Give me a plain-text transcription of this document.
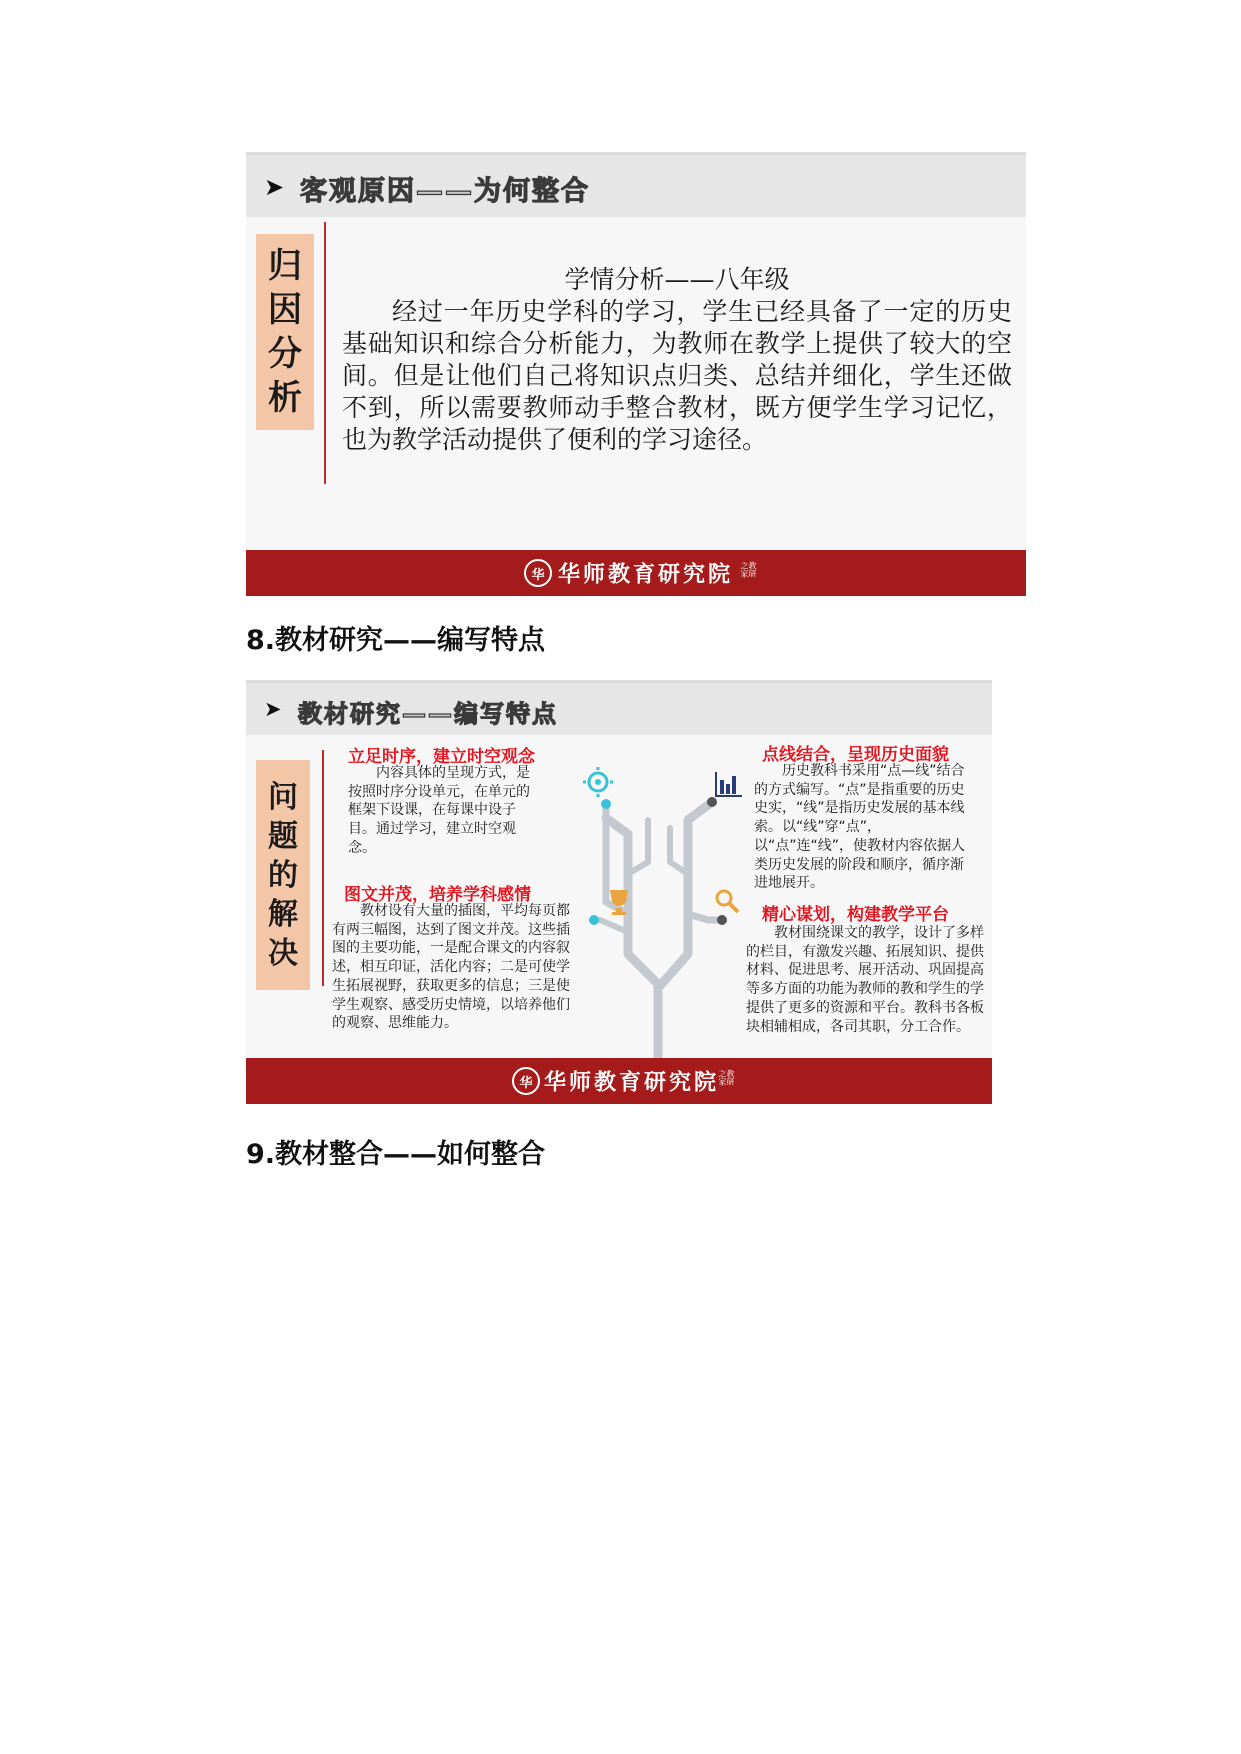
➤ 客观原因——为何整合
归
因
分
析
学情分析——八年级
经过一年历史学科的学习，学生已经具备了一定的历史基础知识和综合分析能力，为教师在教学上提供了较大的空间。但是让他们自己将知识点归类、总结并细化，学生还做不到，所以需要教师动手整合教材，既方便学生学习记忆，也为教学活动提供了便利的学习途径。
华 华师教育研究院	教研之家
8.教材研究——编写特点
➤ 教材研究——编写特点
问
题
的
解
决
立足时序，建立时空观念

内容具体的呈现方式，是按照时序分设单元，在单元的框架下设课，在每课中设子目。通过学习，建立时空观念。

图文并茂，培养学科感情

教材设有大量的插图，平均每页都有两三幅图，达到了图文并茂。这些插图的主要功能，一是配合课文的内容叙述，相互印证，活化内容；二是可使学生拓展视野，获取更多的信息；三是使学生观察、感受历史情境，以培养他们的观察、思维能力。

点线结合，呈现历史面貌

历史教科书采用“点—线”结合的方式编写。“点”是指重要的历史史实，“线”是指历史发展的基本线索。以“线”穿“点”，以“点”连“线”，使教材内容依据人类历史发展的阶段和顺序，循序渐进地展开。

精心谋划，构建教学平台

教材围绕课文的教学，设计了多样的栏目，有激发兴趣、拓展知识、提供材料、促进思考、展开活动、巩固提高等多方面的功能为教师的教和学生的学提供了更多的资源和平台。教科书各板块相辅相成，各司其职，分工合作。

华 华师教育研究院 教研之家
9.教材整合——如何整合
